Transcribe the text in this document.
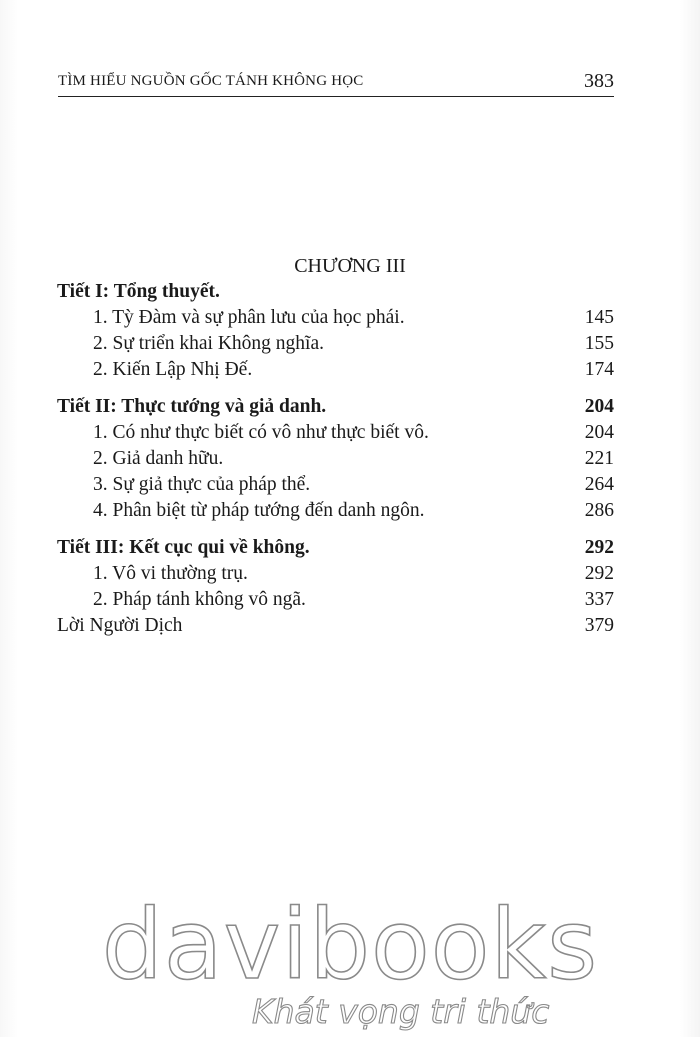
TÌM HIỂU NGUỒN GỐC TÁNH KHÔNG HỌC	383
CHƯƠNG III
Tiết I: Tổng thuyết.
1. Tỳ Đàm và sự phân lưu của học phái.	145
2. Sự triển khai Không nghĩa.	155
2. Kiến Lập Nhị Đế.	174
Tiết II: Thực tướng và giả danh.	204
1. Có như thực biết có vô như thực biết vô.	204
2. Giả danh hữu.	221
3. Sự giả thực của pháp thể.	264
4. Phân biệt từ pháp tướng đến danh ngôn.	286
Tiết III: Kết cục qui về không.	292
1. Vô vi thường trụ.	292
2. Pháp tánh không vô ngã.	337
Lời Người Dịch	379
davibooks
Khát vọng tri thức
